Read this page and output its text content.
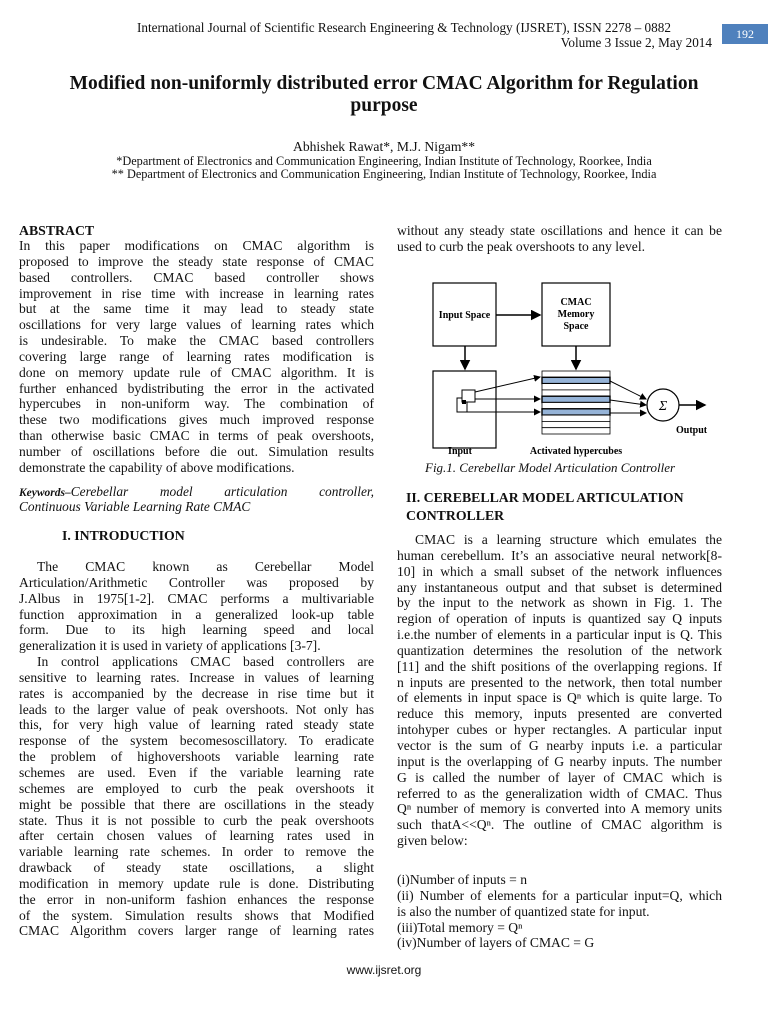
International Journal of Scientific Research Engineering & Technology (IJSRET), ISSN 2278 – 0882
Volume 3 Issue 2, May 2014
192
Modified non-uniformly distributed error CMAC Algorithm for Regulation
purpose
Abhishek Rawat*, M.J. Nigam**
*Department of Electronics and Communication Engineering, Indian Institute of Technology, Roorkee, India
** Department of Electronics and Communication Engineering, Indian Institute of Technology, Roorkee, India
ABSTRACT
In this paper modifications on CMAC algorithm is
proposed to improve the steady state response of CMAC
based controllers. CMAC based controller shows
improvement in rise time with increase in learning rates
but at the same time it may lead to steady state
oscillations for very large values of learning rates which
is undesirable. To make the CMAC based controllers
covering large range of learning rates modification is
done on memory update rule of CMAC algorithm. It is
further enhanced bydistributing the error in the activated
hypercubes in non-uniform way. The combination of
these two modifications gives much improved response
than otherwise basic CMAC in terms of peak overshoots,
number of oscillations before die out. Simulation results
demonstrate the capability of above modifications.
Keywords–Cerebellar model articulation controller,
Continuous Variable Learning Rate CMAC
I. INTRODUCTION
The CMAC known as Cerebellar Model
Articulation/Arithmetic Controller was proposed by
J.Albus in 1975[1-2]. CMAC performs a multivariable
function approximation in a generalized look-up table
form. Due to its high learning speed and local
generalization it is used in variety of applications [3-7].
In control applications CMAC based controllers are
sensitive to learning rates. Increase in values of learning
rates is accompanied by the decrease in rise time but it
leads to the larger value of peak overshoots. Not only has
this, for very high value of learning rated steady state
response of the system becomesoscillatory. To eradicate
the problem of highovershoots variable learning rate
schemes are used. Even if the variable learning rate
schemes are employed to curb the peak overshoots it
might be possible that there are oscillations in the steady
state. Thus it is not possible to curb the peak overshoots
after certain chosen values of learning rates used in
variable learning rate schemes. In order to remove the
drawback of steady state oscillations, a slight
modification in memory update rule is done. Distributing
the error in non-uniform fashion enhances the response
of the system. Simulation results shows that Modified
CMAC Algorithm covers larger range of learning rates
without any steady state oscillations and hence it can be
used to curb the peak overshoots to any level.
Input Space
CMAC
Memory
Space
Σ
Output
Input	Activated hypercubes
Fig.1. Cerebellar Model Articulation Controller
II. CEREBELLAR MODEL ARTICULATION
CONTROLLER
CMAC is a learning structure which emulates the
human cerebellum. It’s an associative neural network[8-
10] in which a small subset of the network influences
any instantaneous output and that subset is determined
by the input to the network as shown in Fig. 1. The
region of operation of inputs is quantized say Q inputs
i.e.the number of elements in a particular input is Q. This
quantization determines the resolution of the network
[11] and the shift positions of the overlapping regions. If
n inputs are presented to the network, then total number
of elements in input space is Qⁿ which is quite large. To
reduce this memory, inputs presented are converted
intohyper cubes or hyper rectangles. A particular input
vector is the sum of G nearby inputs i.e. a particular
input is the overlapping of G nearby inputs. The number
G is called the number of layer of CMAC which is
referred to as the generalization width of CMAC. Thus
Qⁿ number of memory is converted into A memory units
such thatA<<Qⁿ. The outline of CMAC algorithm is
given below:
(i)Number of inputs = n
(ii) Number of elements for a particular input=Q, which
is also the number of quantized state for input.
(iii)Total memory = Qⁿ
(iv)Number of layers of CMAC = G
www.ijsret.org
